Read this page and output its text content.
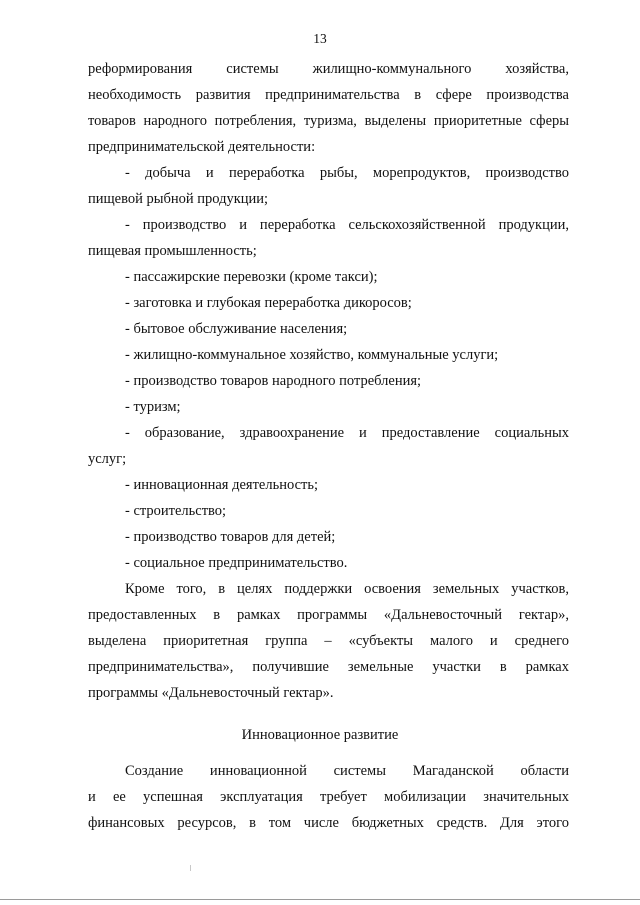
13
реформирования системы жилищно-коммунального хозяйства,
необходимость развития предпринимательства в сфере производства
товаров народного потребления, туризма, выделены приоритетные сферы
предпринимательской деятельности:
- добыча и переработка рыбы, морепродуктов, производство
пищевой рыбной продукции;
- производство и переработка сельскохозяйственной продукции,
пищевая промышленность;
- пассажирские перевозки (кроме такси);
- заготовка и глубокая переработка дикоросов;
- бытовое обслуживание населения;
- жилищно-коммунальное хозяйство, коммунальные услуги;
- производство товаров народного потребления;
- туризм;
- образование, здравоохранение и предоставление социальных
услуг;
- инновационная деятельность;
- строительство;
- производство товаров для детей;
- социальное предпринимательство.
Кроме того, в целях поддержки освоения земельных участков,
предоставленных в рамках программы «Дальневосточный гектар»,
выделена приоритетная группа – «субъекты малого и среднего
предпринимательства», получившие земельные участки в рамках
программы «Дальневосточный гектар».
Создание инновационной системы Магаданской области
и ее успешная эксплуатация требует мобилизации значительных
финансовых ресурсов, в том числе бюджетных средств. Для этого
Инновационное развитие
